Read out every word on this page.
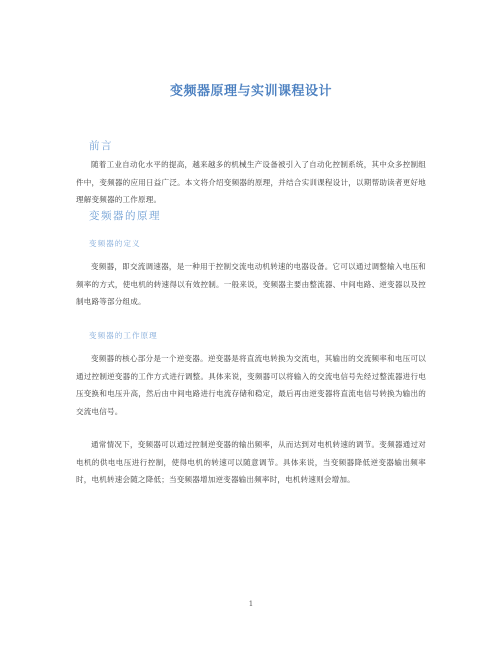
变频器原理与实训课程设计
前言
随着工业自动化水平的提高，越来越多的机械生产设备被引入了自动化控制系统，其中众多控制组件中，变频器的应用日益广泛。本文将介绍变频器的原理，并结合实训课程设计，以期帮助读者更好地理解变频器的工作原理。
变频器的原理
变频器的定义
变频器，即交流调速器，是一种用于控制交流电动机转速的电器设备。它可以通过调整输入电压和频率的方式，使电机的转速得以有效控制。一般来说，变频器主要由整流器、中间电路、逆变器以及控制电路等部分组成。
变频器的工作原理
变频器的核心部分是一个逆变器。逆变器是将直流电转换为交流电，其输出的交流频率和电压可以通过控制逆变器的工作方式进行调整。具体来说，变频器可以将输入的交流电信号先经过整流器进行电压变换和电压升高，然后由中间电路进行电流存储和稳定，最后再由逆变器将直流电信号转换为输出的交流电信号。
通常情况下，变频器可以通过控制逆变器的输出频率，从而达到对电机转速的调节。变频器通过对电机的供电电压进行控制，使得电机的转速可以随意调节。具体来说，当变频器降低逆变器输出频率时，电机转速会随之降低；当变频器增加逆变器输出频率时，电机转速则会增加。
1
